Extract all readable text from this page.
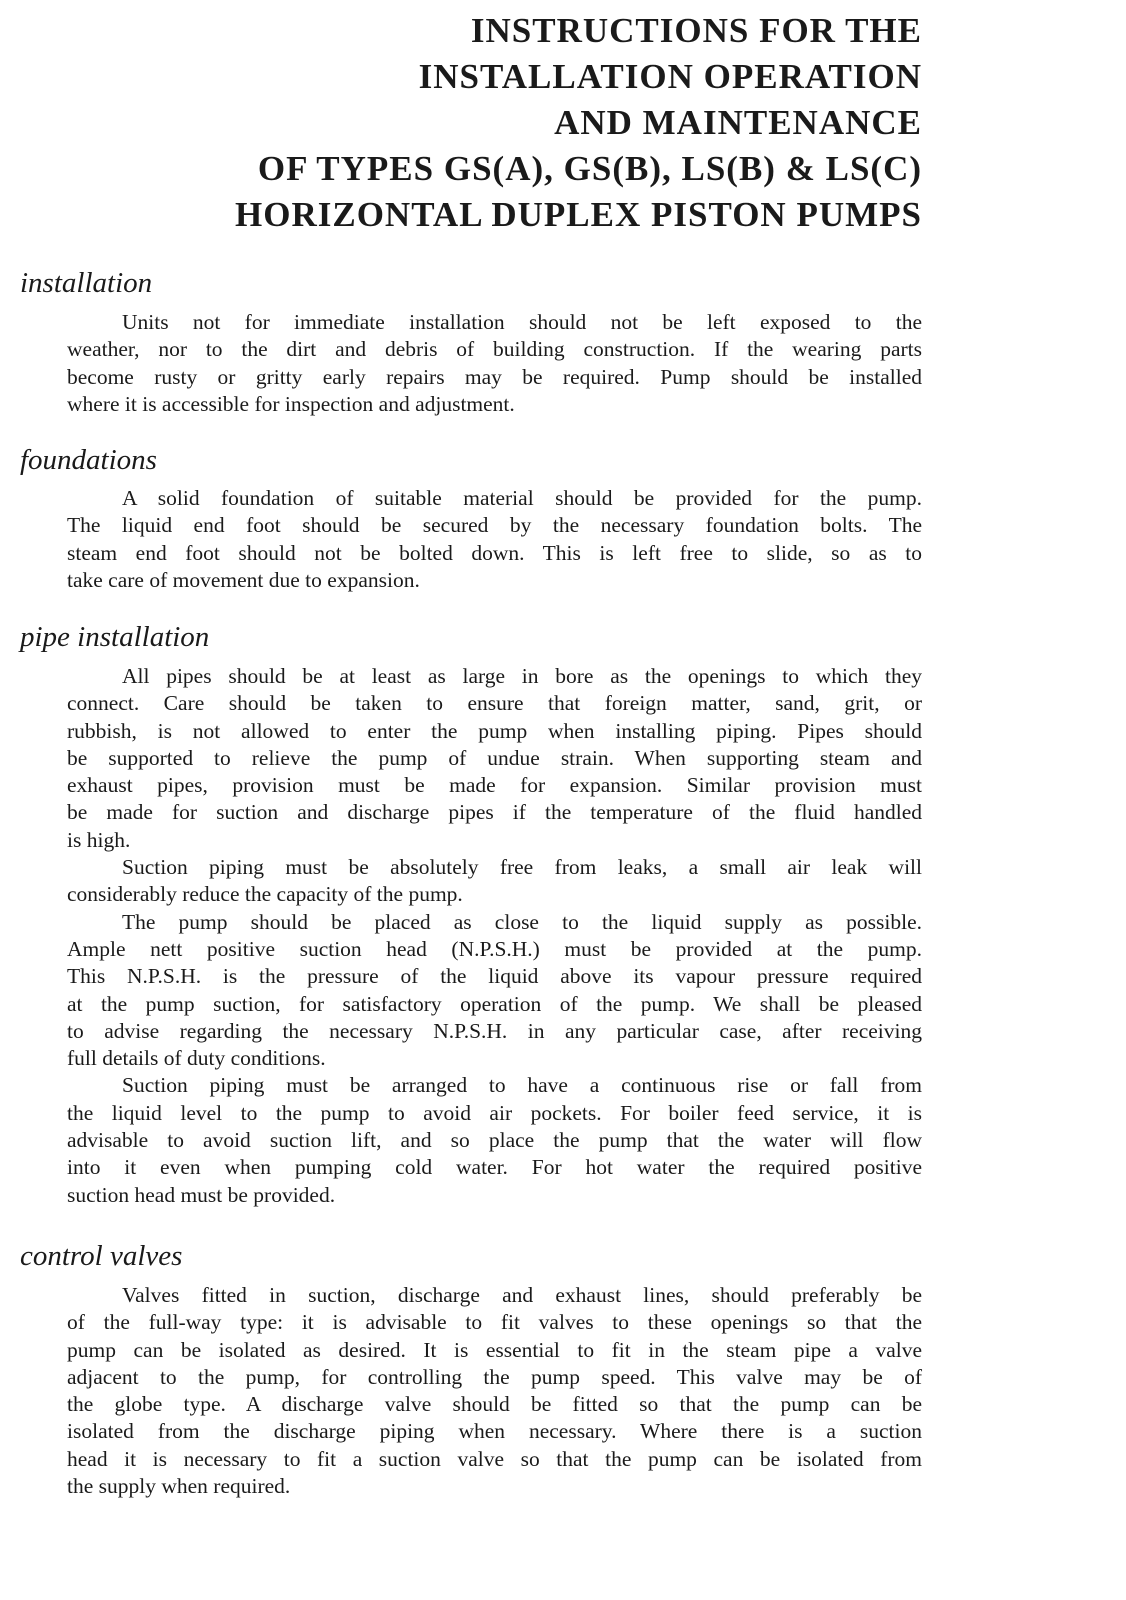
INSTRUCTIONS FOR THE
INSTALLATION OPERATION
AND MAINTENANCE
OF TYPES GS(A), GS(B), LS(B) & LS(C)
HORIZONTAL DUPLEX PISTON PUMPS
installation
Units not for immediate installation should not be left exposed to the
weather, nor to the dirt and debris of building construction. If the wearing parts
become rusty or gritty early repairs may be required. Pump should be installed
where it is accessible for inspection and adjustment.
foundations
A solid foundation of suitable material should be provided for the pump.
The liquid end foot should be secured by the necessary foundation bolts. The
steam end foot should not be bolted down. This is left free to slide, so as to
take care of movement due to expansion.
pipe installation
All pipes should be at least as large in bore as the openings to which they
connect. Care should be taken to ensure that foreign matter, sand, grit, or
rubbish, is not allowed to enter the pump when installing piping. Pipes should
be supported to relieve the pump of undue strain. When supporting steam and
exhaust pipes, provision must be made for expansion. Similar provision must
be made for suction and discharge pipes if the temperature of the fluid handled
is high.
Suction piping must be absolutely free from leaks, a small air leak will
considerably reduce the capacity of the pump.
The pump should be placed as close to the liquid supply as possible.
Ample nett positive suction head (N.P.S.H.) must be provided at the pump.
This N.P.S.H. is the pressure of the liquid above its vapour pressure required
at the pump suction, for satisfactory operation of the pump. We shall be pleased
to advise regarding the necessary N.P.S.H. in any particular case, after receiving
full details of duty conditions.
Suction piping must be arranged to have a continuous rise or fall from
the liquid level to the pump to avoid air pockets. For boiler feed service, it is
advisable to avoid suction lift, and so place the pump that the water will flow
into it even when pumping cold water. For hot water the required positive
suction head must be provided.
control valves
Valves fitted in suction, discharge and exhaust lines, should preferably be
of the full-way type: it is advisable to fit valves to these openings so that the
pump can be isolated as desired. It is essential to fit in the steam pipe a valve
adjacent to the pump, for controlling the pump speed. This valve may be of
the globe type. A discharge valve should be fitted so that the pump can be
isolated from the discharge piping when necessary. Where there is a suction
head it is necessary to fit a suction valve so that the pump can be isolated from
the supply when required.
